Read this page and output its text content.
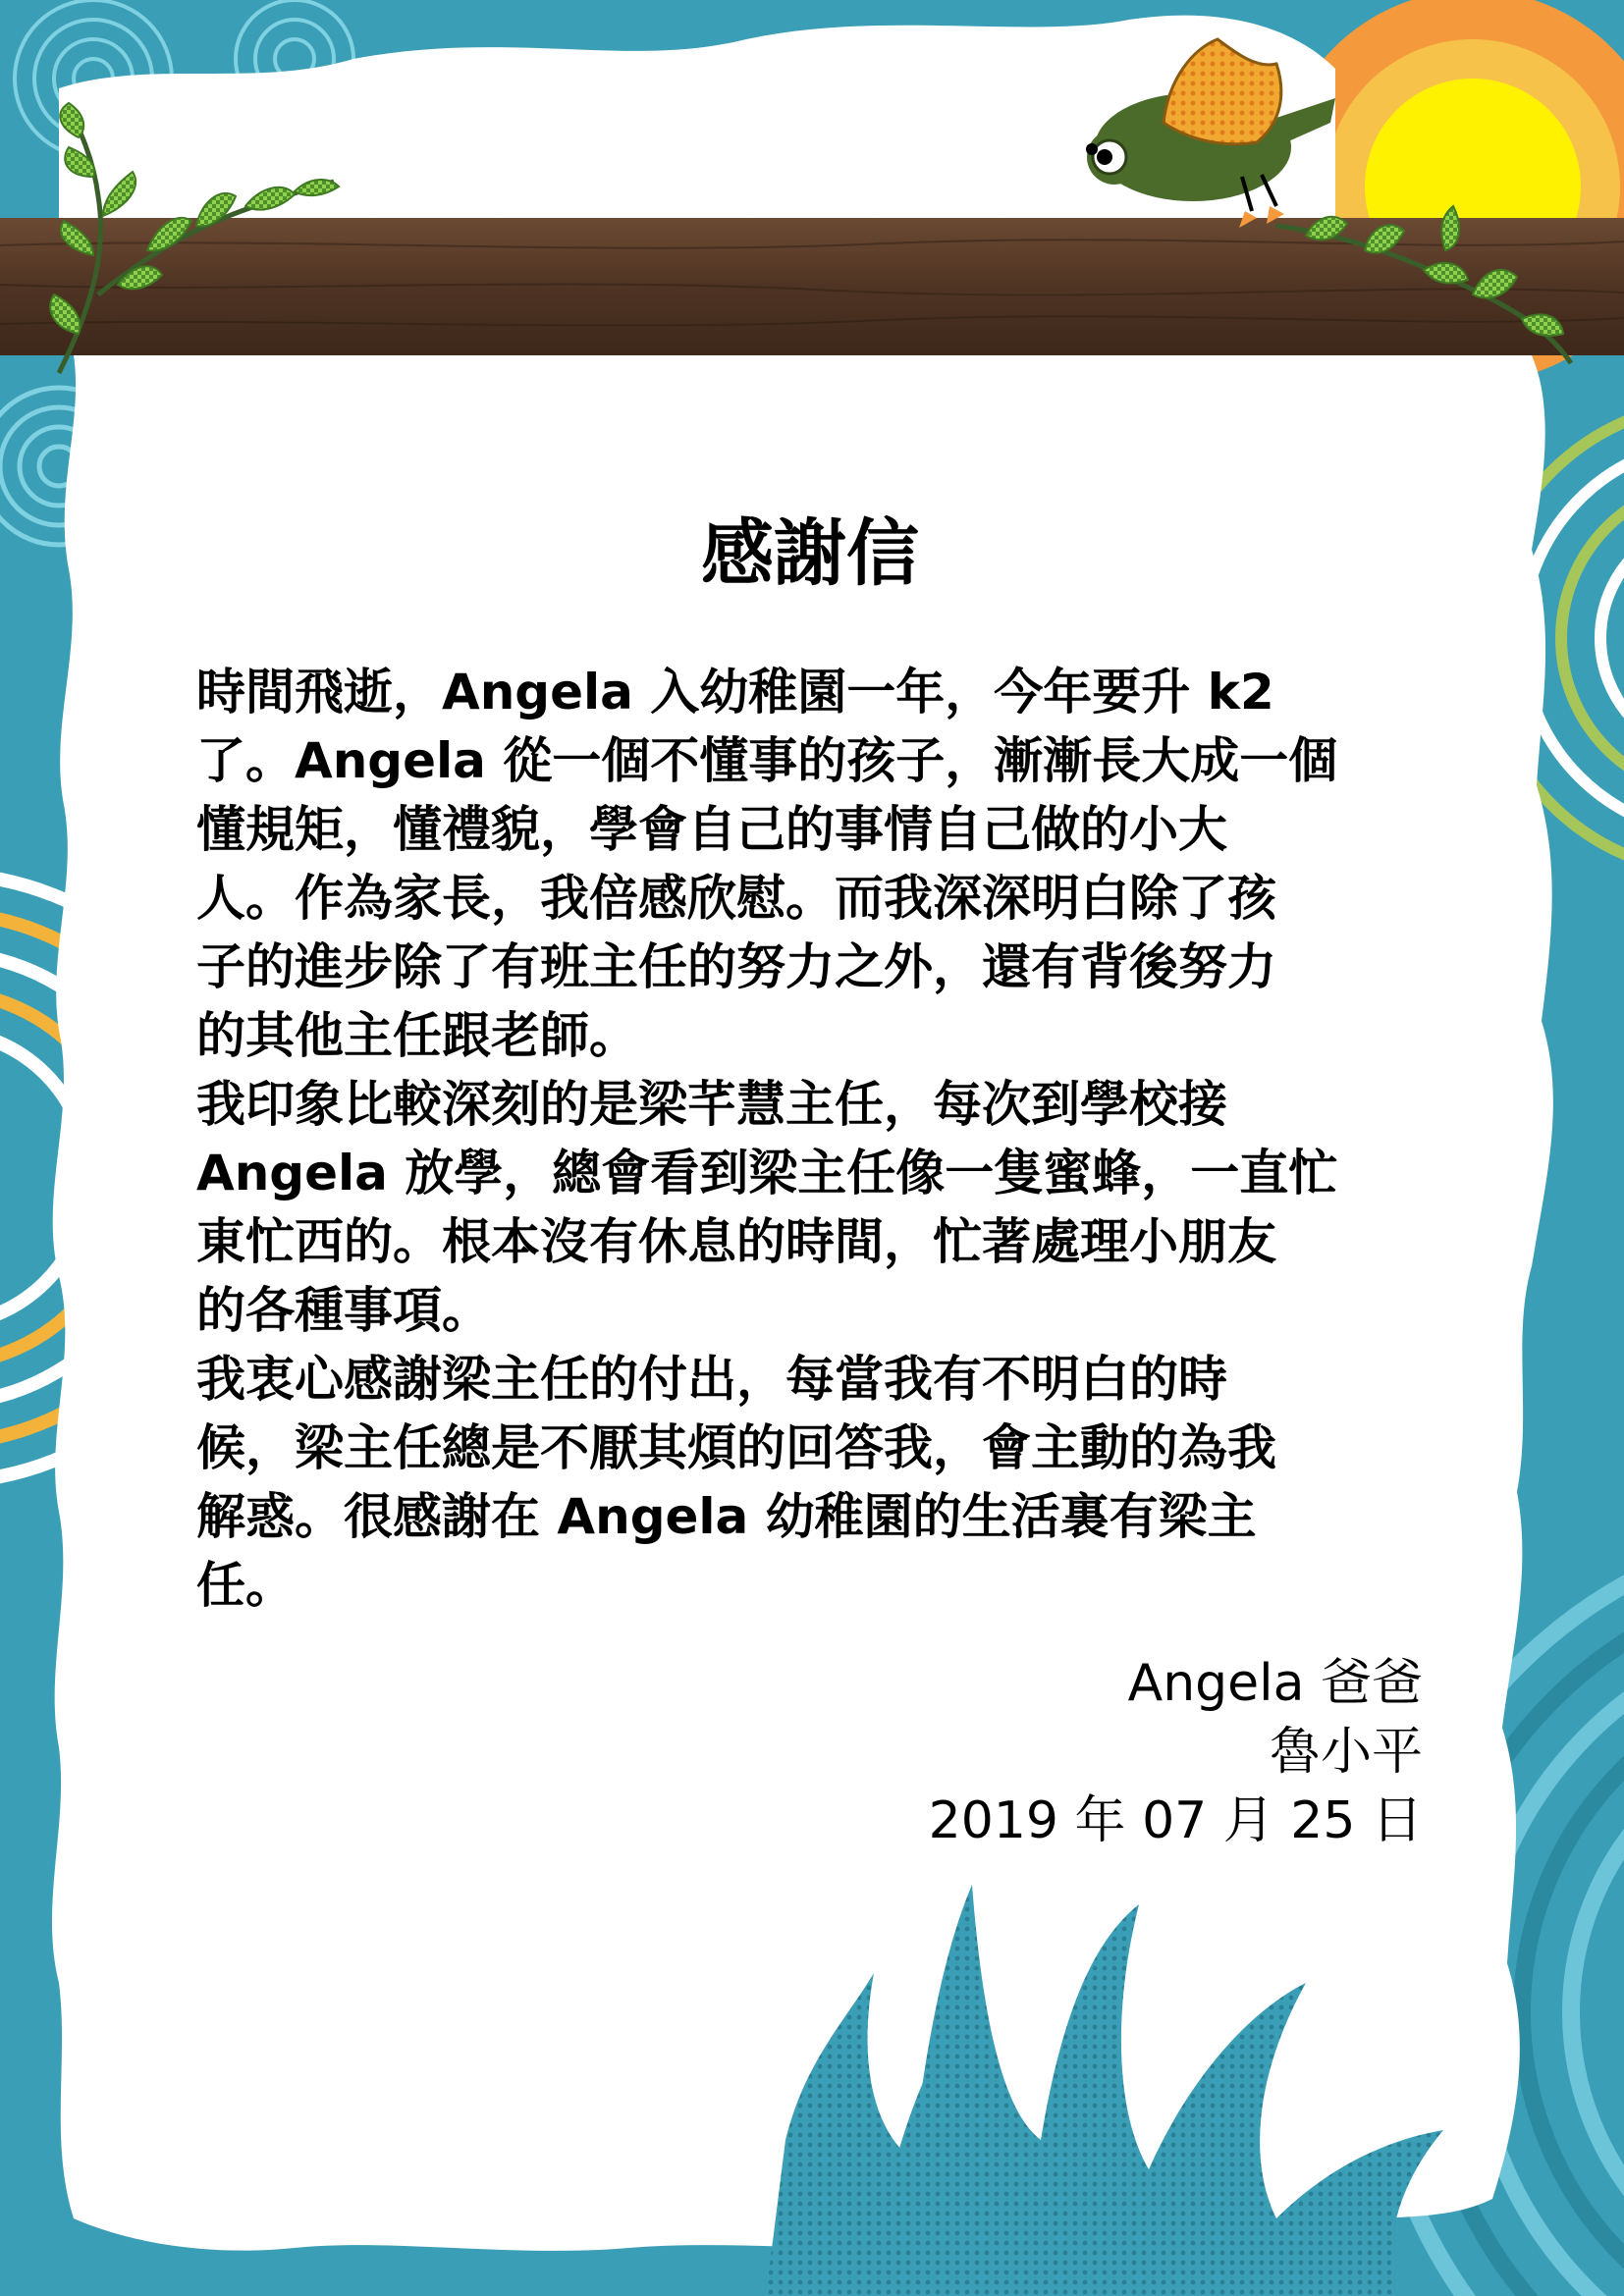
感謝信
時間飛逝，Angela 入幼稚園一年，今年要升 k2
了。Angela 從一個不懂事的孩子，漸漸長大成一個
懂規矩，懂禮貌，學會自己的事情自己做的小大
人。作為家長，我倍感欣慰。而我深深明白除了孩
子的進步除了有班主任的努力之外，還有背後努力
的其他主任跟老師。
我印象比較深刻的是梁芊慧主任，每次到學校接
Angela 放學，總會看到梁主任像一隻蜜蜂，一直忙
東忙西的。根本沒有休息的時間，忙著處理小朋友
的各種事項。
我衷心感謝梁主任的付出，每當我有不明白的時
候，梁主任總是不厭其煩的回答我，會主動的為我
解惑。很感謝在 Angela 幼稚園的生活裏有梁主
任。
Angela 爸爸
魯小平
2019 年 07 月 25 日
